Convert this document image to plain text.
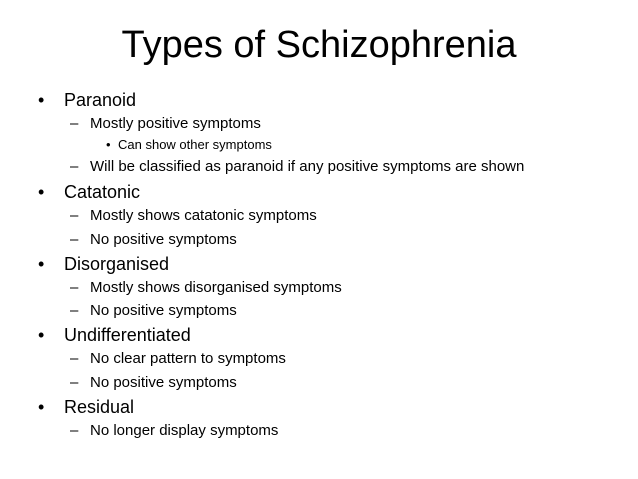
Types of Schizophrenia
• Paranoid
– Mostly positive symptoms
• Can show other symptoms
– Will be classified as paranoid if any positive symptoms are shown
• Catatonic
– Mostly shows catatonic symptoms
– No positive symptoms
• Disorganised
– Mostly shows disorganised symptoms
– No positive symptoms
• Undifferentiated
– No clear pattern to symptoms
– No positive symptoms
• Residual
– No longer display symptoms
